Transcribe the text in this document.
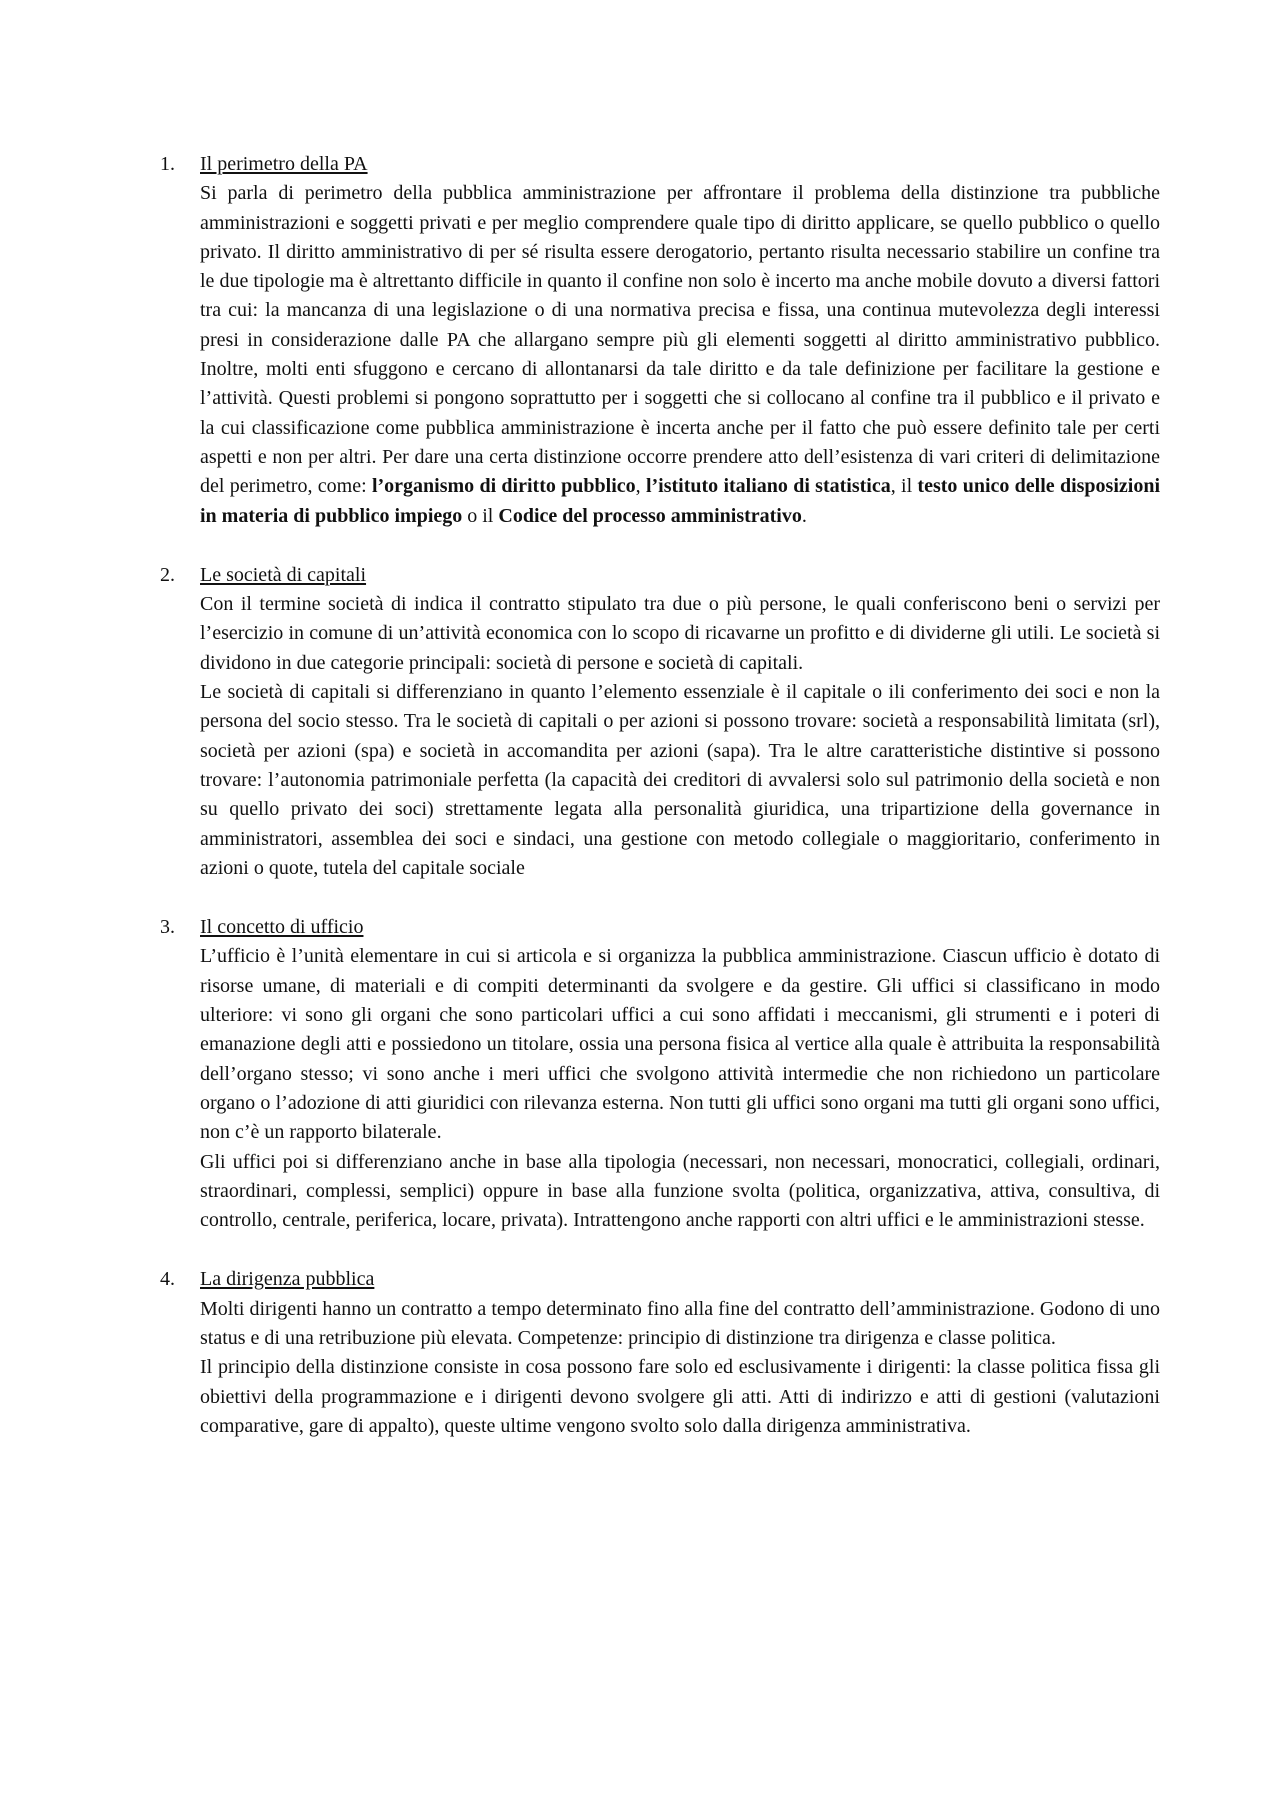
1. Il perimetro della PA

Si parla di perimetro della pubblica amministrazione per affrontare il problema della distinzione tra pubbliche amministrazioni e soggetti privati e per meglio comprendere quale tipo di diritto applicare, se quello pubblico o quello privato. Il diritto amministrativo di per sé risulta essere derogatorio, pertanto risulta necessario stabilire un confine tra le due tipologie ma è altrettanto difficile in quanto il confine non solo è incerto ma anche mobile dovuto a diversi fattori tra cui: la mancanza di una legislazione o di una normativa precisa e fissa, una continua mutevolezza degli interessi presi in considerazione dalle PA che allargano sempre più gli elementi soggetti al diritto amministrativo pubblico. Inoltre, molti enti sfuggono e cercano di allontanarsi da tale diritto e da tale definizione per facilitare la gestione e l’attività. Questi problemi si pongono soprattutto per i soggetti che si collocano al confine tra il pubblico e il privato e la cui classificazione come pubblica amministrazione è incerta anche per il fatto che può essere definito tale per certi aspetti e non per altri. Per dare una certa distinzione occorre prendere atto dell’esistenza di vari criteri di delimitazione del perimetro, come: l’organismo di diritto pubblico, l’istituto italiano di statistica, il testo unico delle disposizioni in materia di pubblico impiego o il Codice del processo amministrativo.

2. Le società di capitali

Con il termine società di indica il contratto stipulato tra due o più persone, le quali conferiscono beni o servizi per l’esercizio in comune di un’attività economica con lo scopo di ricavarne un profitto e di dividerne gli utili. Le società si dividono in due categorie principali: società di persone e società di capitali.

Le società di capitali si differenziano in quanto l’elemento essenziale è il capitale o ili conferimento dei soci e non la persona del socio stesso. Tra le società di capitali o per azioni si possono trovare: società a responsabilità limitata (srl), società per azioni (spa) e società in accomandita per azioni (sapa). Tra le altre caratteristiche distintive si possono trovare: l’autonomia patrimoniale perfetta (la capacità dei creditori di avvalersi solo sul patrimonio della società e non su quello privato dei soci) strettamente legata alla personalità giuridica, una tripartizione della governance in amministratori, assemblea dei soci e sindaci, una gestione con metodo collegiale o maggioritario, conferimento in azioni o quote, tutela del capitale sociale

3. Il concetto di ufficio

L’ufficio è l’unità elementare in cui si articola e si organizza la pubblica amministrazione. Ciascun ufficio è dotato di risorse umane, di materiali e di compiti determinanti da svolgere e da gestire. Gli uffici si classificano in modo ulteriore: vi sono gli organi che sono particolari uffici a cui sono affidati i meccanismi, gli strumenti e i poteri di emanazione degli atti e possiedono un titolare, ossia una persona fisica al vertice alla quale è attribuita la responsabilità dell’organo stesso; vi sono anche i meri uffici che svolgono attività intermedie che non richiedono un particolare organo o l’adozione di atti giuridici con rilevanza esterna. Non tutti gli uffici sono organi ma tutti gli organi sono uffici, non c’è un rapporto bilaterale.

Gli uffici poi si differenziano anche in base alla tipologia (necessari, non necessari, monocratici, collegiali, ordinari, straordinari, complessi, semplici) oppure in base alla funzione svolta (politica, organizzativa, attiva, consultiva, di controllo, centrale, periferica, locare, privata). Intrattengono anche rapporti con altri uffici e le amministrazioni stesse.

4. La dirigenza pubblica

Molti dirigenti hanno un contratto a tempo determinato fino alla fine del contratto dell’amministrazione. Godono di uno status e di una retribuzione più elevata. Competenze: principio di distinzione tra dirigenza e classe politica.

Il principio della distinzione consiste in cosa possono fare solo ed esclusivamente i dirigenti: la classe politica fissa gli obiettivi della programmazione e i dirigenti devono svolgere gli atti. Atti di indirizzo e atti di gestioni (valutazioni comparative, gare di appalto), queste ultime vengono svolto solo dalla dirigenza amministrativa.
